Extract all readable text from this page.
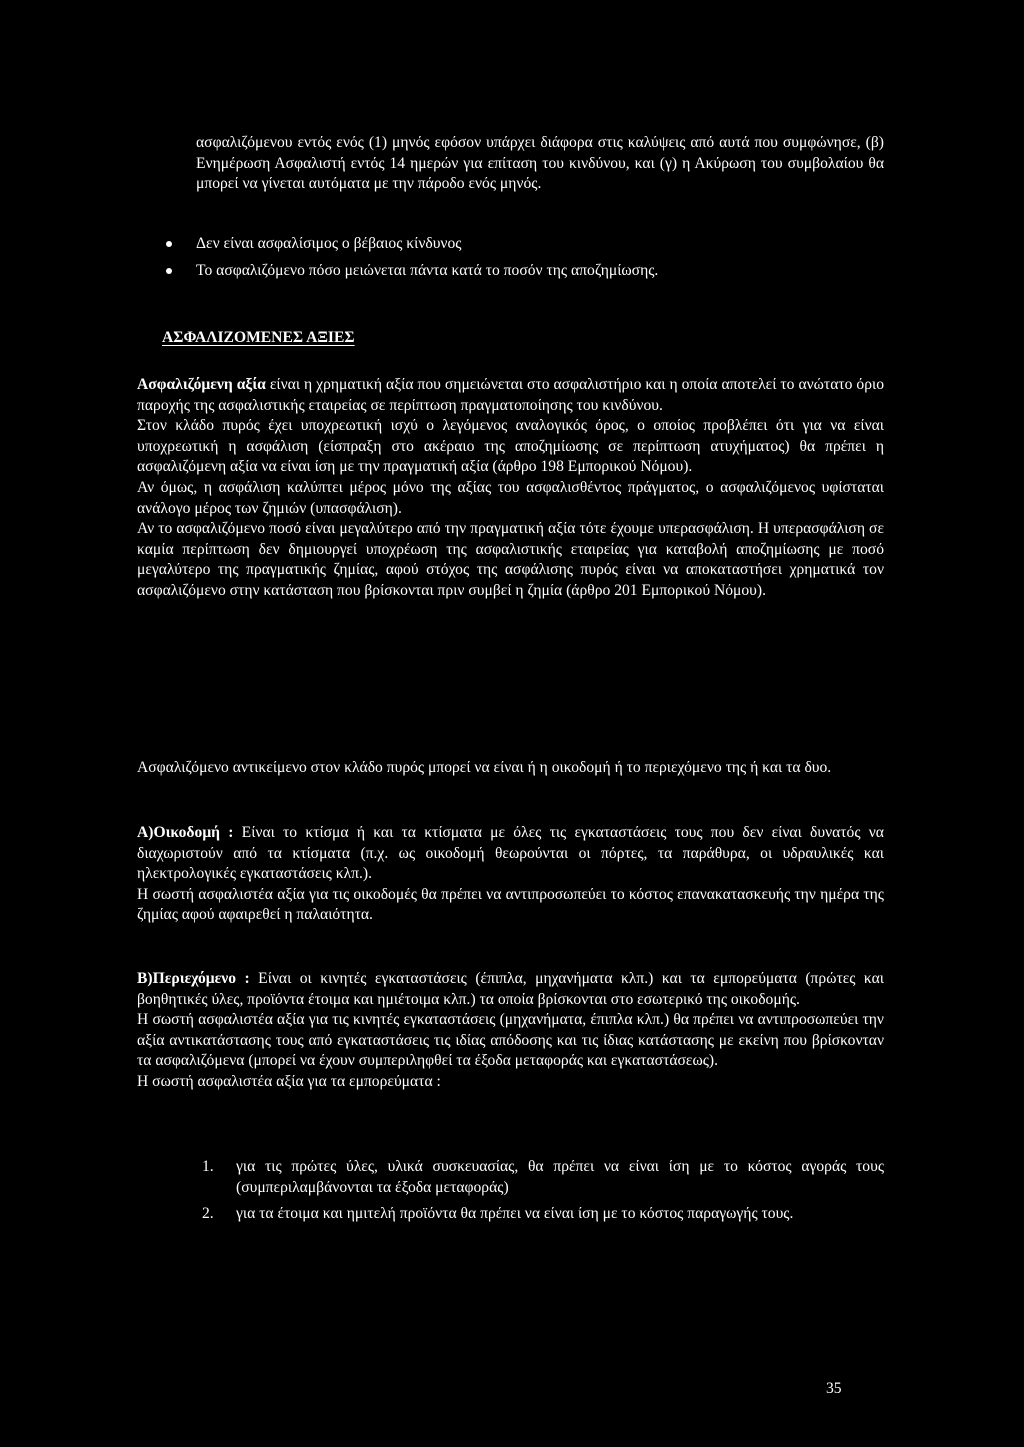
ασφαλιζόμενου εντός ενός (1) μηνός εφόσον υπάρχει διάφορα στις καλύψεις από αυτά που συμφώνησε, (β) Ενημέρωση Ασφαλιστή εντός 14 ημερών για επίταση του κινδύνου, και (γ) η Ακύρωση του συμβολαίου θα μπορεί να γίνεται αυτόματα με την πάροδο ενός μηνός.

Δεν είναι ασφαλίσιμος ο βέβαιος κίνδυνος
Το ασφαλιζόμενο πόσο μειώνεται πάντα κατά το ποσόν της αποζημίωσης.
ΑΣΦΑΛΙΖΟΜΕΝΕΣ ΑΞΙΕΣ

Ασφαλιζόμενη αξία είναι η χρηματική αξία που σημειώνεται στο ασφαλιστήριο και η οποία αποτελεί το ανώτατο όριο παροχής της ασφαλιστικής εταιρείας σε περίπτωση πραγματοποίησης του κινδύνου.

Στον κλάδο πυρός έχει υποχρεωτική ισχύ ο λεγόμενος αναλογικός όρος, ο οποίος προβλέπει ότι για να είναι υποχρεωτική η ασφάλιση (είσπραξη στο ακέραιο της αποζημίωσης σε περίπτωση ατυχήματος) θα πρέπει η ασφαλιζόμενη αξία να είναι ίση με την πραγματική αξία (άρθρο 198 Εμπορικού Νόμου).

Αν όμως, η ασφάλιση καλύπτει μέρος μόνο της αξίας του ασφαλισθέντος πράγματος, ο ασφαλιζόμενος υφίσταται ανάλογο μέρος των ζημιών (υπασφάλιση).

Αν το ασφαλιζόμενο ποσό είναι μεγαλύτερο από την πραγματική αξία τότε έχουμε υπερασφάλιση. Η υπερασφάλιση σε καμία περίπτωση δεν δημιουργεί υποχρέωση της ασφαλιστικής εταιρείας για καταβολή αποζημίωσης με ποσό μεγαλύτερο της πραγματικής ζημίας, αφού στόχος της ασφάλισης πυρός είναι να αποκαταστήσει χρηματικά τον ασφαλιζόμενο στην κατάσταση που βρίσκονται πριν συμβεί η ζημία (άρθρο 201 Εμπορικού Νόμου).

Ασφαλιζόμενο αντικείμενο στον κλάδο πυρός μπορεί να είναι ή η οικοδομή ή το περιεχόμενο της ή και τα δυο.

Α)Οικοδομή : Είναι το κτίσμα ή και τα κτίσματα με όλες τις εγκαταστάσεις τους που δεν είναι δυνατός να διαχωριστούν από τα κτίσματα (π.χ. ως οικοδομή θεωρούνται οι πόρτες, τα παράθυρα, οι υδραυλικές και ηλεκτρολογικές εγκαταστάσεις κλπ.).

Η σωστή ασφαλιστέα αξία για τις οικοδομές θα πρέπει να αντιπροσωπεύει το κόστος επανακατασκευής την ημέρα της ζημίας αφού αφαιρεθεί η παλαιότητα.

Β)Περιεχόμενο : Είναι οι κινητές εγκαταστάσεις (έπιπλα, μηχανήματα κλπ.) και τα εμπορεύματα (πρώτες και βοηθητικές ύλες, προϊόντα έτοιμα και ημιέτοιμα κλπ.) τα οποία βρίσκονται στο εσωτερικό της οικοδομής.

Η σωστή ασφαλιστέα αξία για τις κινητές εγκαταστάσεις (μηχανήματα, έπιπλα κλπ.) θα πρέπει να αντιπροσωπεύει την αξία αντικατάστασης τους από εγκαταστάσεις τις ιδίας απόδοσης και τις ίδιας κατάστασης με εκείνη που βρίσκονταν τα ασφαλιζόμενα (μπορεί να έχουν συμπεριληφθεί τα έξοδα μεταφοράς και εγκαταστάσεως).

Η σωστή ασφαλιστέα αξία για τα εμπορεύματα :

1. για τις πρώτες ύλες, υλικά συσκευασίας, θα πρέπει να είναι ίση με το κόστος αγοράς τους (συμπεριλαμβάνονται τα έξοδα μεταφοράς)
2. για τα έτοιμα και ημιτελή προϊόντα θα πρέπει να είναι ίση με το κόστος παραγωγής τους.
35
